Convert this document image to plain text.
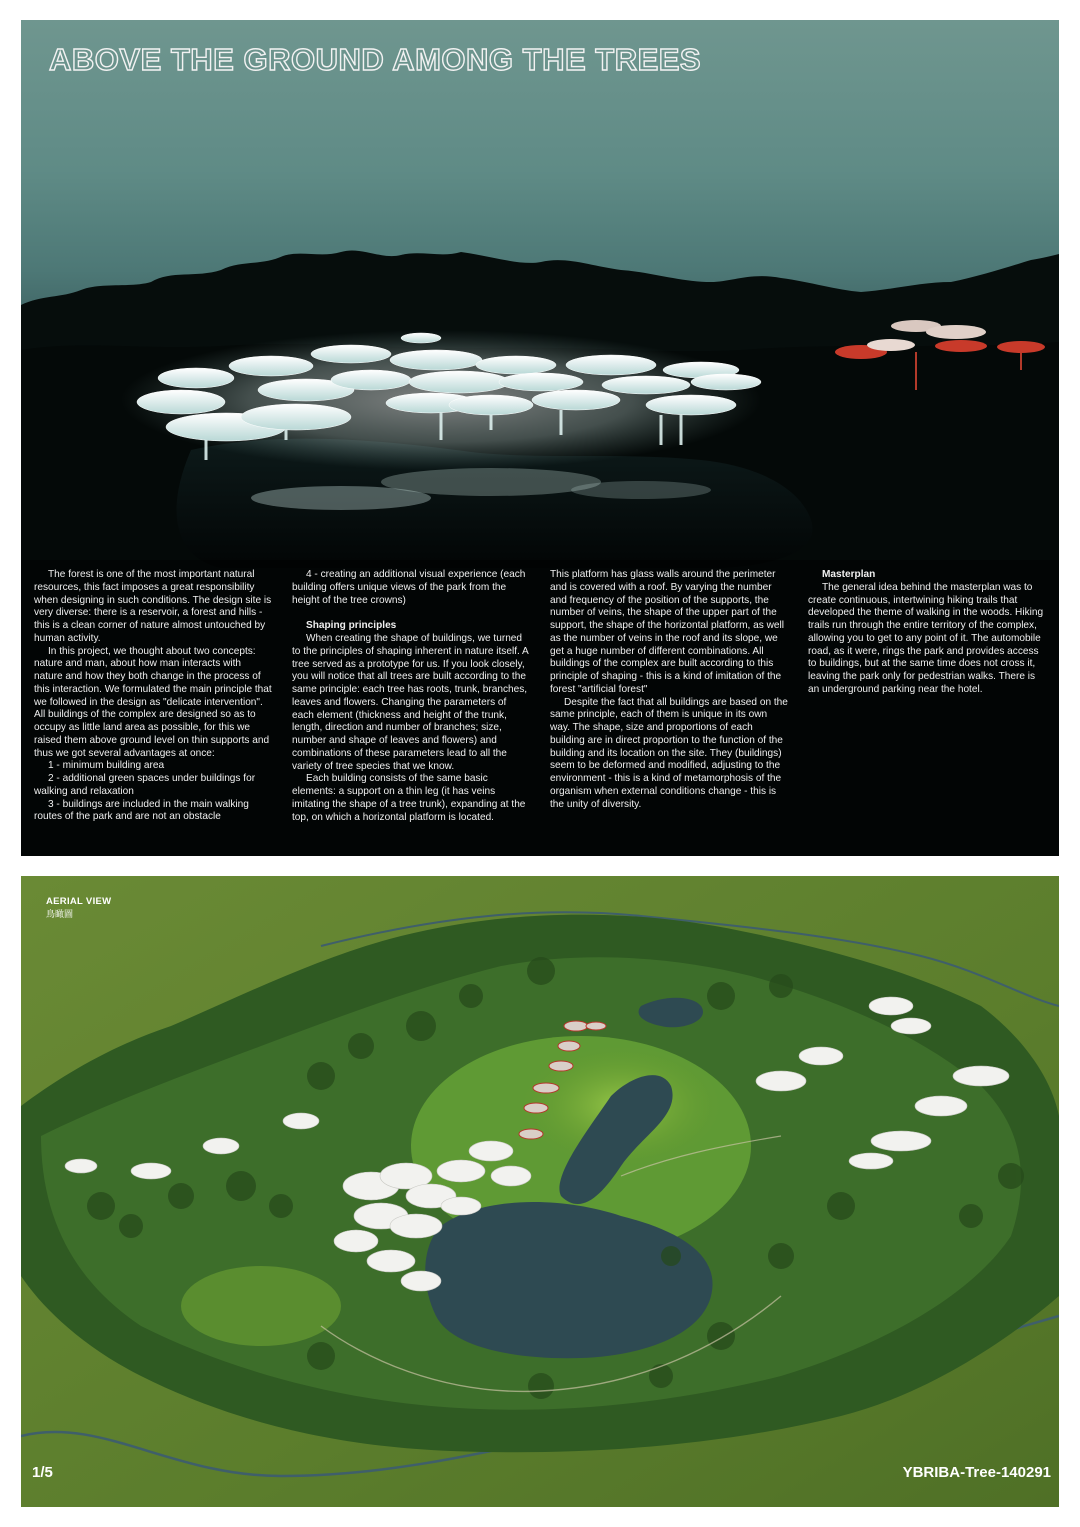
ABOVE THE GROUND AMONG THE TREES

The forest is one of the most important natural resources, this fact imposes a great responsibility when designing in such conditions. The design site is very diverse: there is a reservoir, a forest and hills - this is a clean corner of nature almost untouched by human activity.

In this project, we thought about two concepts: nature and man, about how man interacts with nature and how they both change in the process of this interaction. We formulated the main principle that we followed in the design as "delicate intervention". All buildings of the complex are designed so as to occupy as little land area as possible, for this we raised them above ground level on thin supports and thus we got several advantages at once:

1 - minimum building area

2 - additional green spaces under buildings for walking and relaxation

3 - buildings are included in the main walking routes of the park and are not an obstacle

4 - creating an additional visual experience (each building offers unique views of the park from the height of the tree crowns)

Shaping principles

When creating the shape of buildings, we turned to the principles of shaping inherent in nature itself. A tree served as a prototype for us. If you look closely, you will notice that all trees are built according to the same principle: each tree has roots, trunk, branches, leaves and flowers. Changing the parameters of each element (thickness and height of the trunk, length, direction and number of branches; size, number and shape of leaves and flowers) and combinations of these parameters lead to all the variety of tree species that we know.

Each building consists of the same basic elements: a support on a thin leg (it has veins imitating the shape of a tree trunk), expanding at the top, on which a horizontal platform is located.

This platform has glass walls around the perimeter and is covered with a roof. By varying the number and frequency of the position of the supports, the number of veins, the shape of the upper part of the support, the shape of the horizontal platform, as well as the number of veins in the roof and its slope, we get a huge number of different combinations. All buildings of the complex are built according to this principle of shaping - this is a kind of imitation of the forest "artificial forest"

Despite the fact that all buildings are based on the same principle, each of them is unique in its own way. The shape, size and proportions of each building are in direct proportion to the function of the building and its location on the site. They (buildings) seem to be deformed and modified, adjusting to the environment - this is a kind of metamorphosis of the organism when external conditions change - this is the unity of diversity.

Masterplan

The general idea behind the masterplan was to create continuous, intertwining hiking trails that developed the theme of walking in the woods. Hiking trails run through the entire territory of the complex, allowing you to get to any point of it. The automobile road, as it were, rings the park and provides access to buildings, but at the same time does not cross it, leaving the park only for pedestrian walks. There is an underground parking near the hotel.

AERIAL VIEW
鳥瞰圖
1/5	YBRIBA-Tree-140291
